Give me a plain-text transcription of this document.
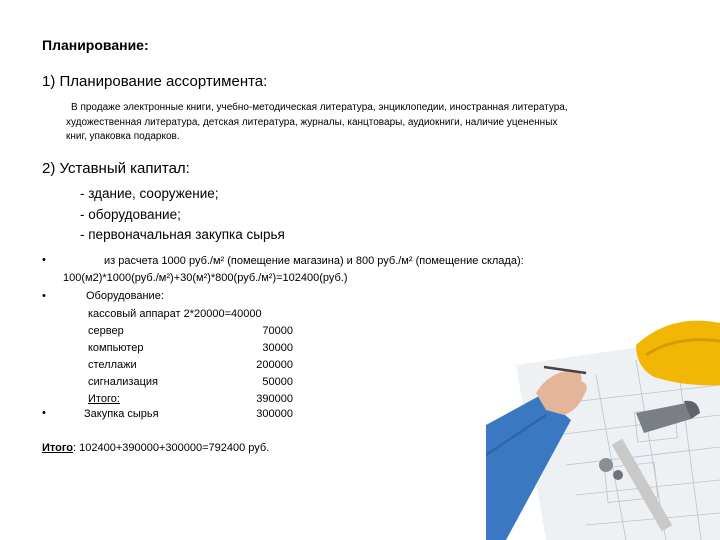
Планирование:
1) Планирование ассортимента:
В продаже электронные книги, учебно-методическая литература, энциклопедии, иностранная литература,
художественная литература, детская литература, журналы, канцтовары, аудиокниги, наличие уцененных
книг, упаковка подарков.
2) Уставный капитал:
- здание, сооружение;
- оборудование;
- первоначальная закупка сырья
•	из расчета 1000 руб./м² (помещение магазина) и 800 руб./м² (помещение склада):
100(м2)*1000(руб./м²)+30(м²)*800(руб./м²)=102400(руб.)
•	Оборудование:
кассовый аппарат 2*20000=40000
сервер	70000
компьютер	30000
стеллажи	200000
сигнализация	50000
Итого:	390000
•	Закупка сырья	300000
Итого: 102400+390000+300000=792400 руб.
